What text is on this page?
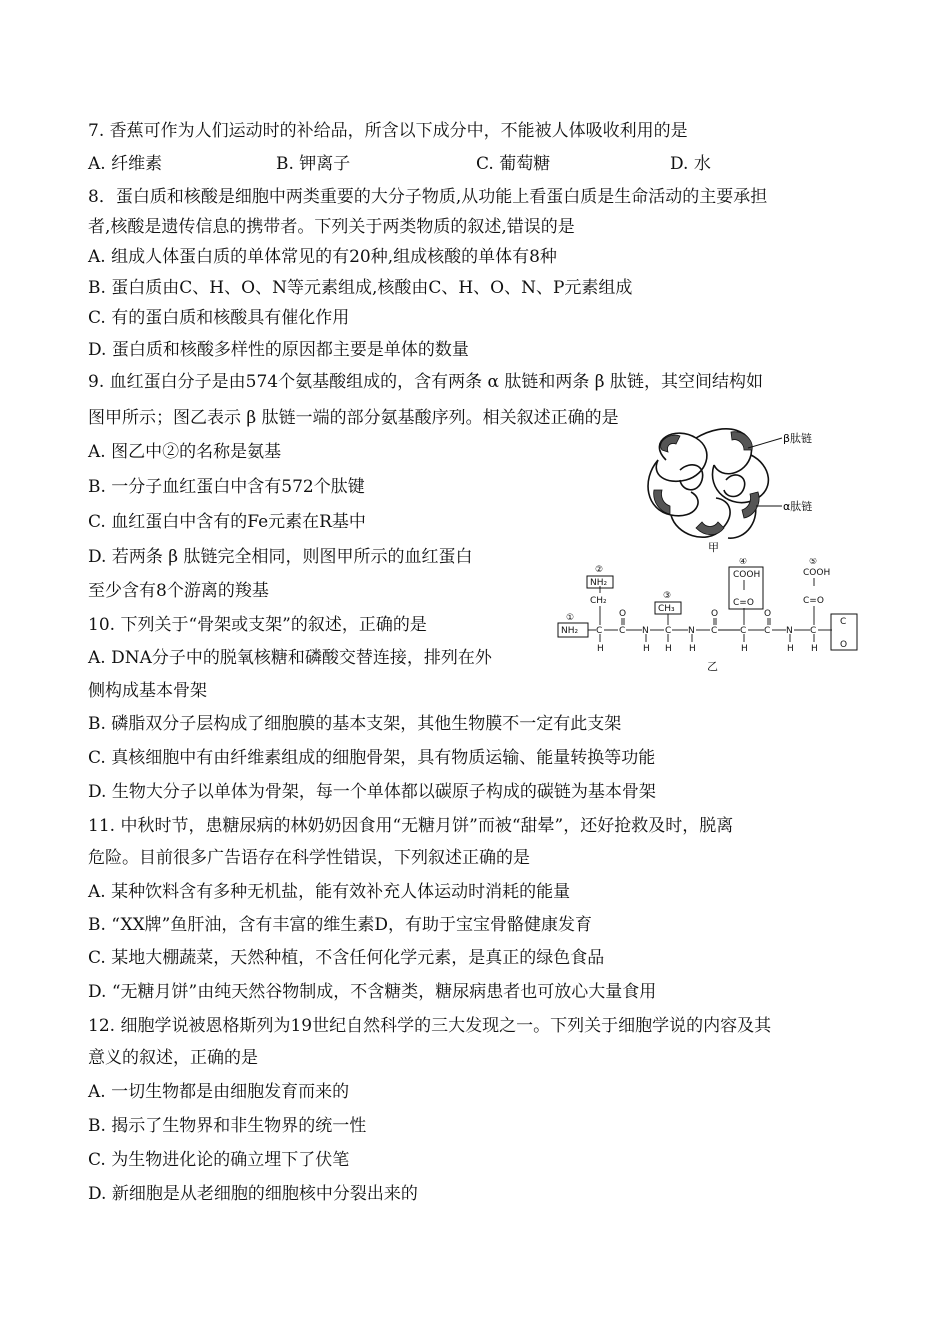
7. 香蕉可作为人们运动时的补给品，所含以下成分中，不能被人体吸收利用的是
A. 纤维素	B. 钾离子	C. 葡萄糖	D. 水
8．蛋白质和核酸是细胞中两类重要的大分子物质,从功能上看蛋白质是生命活动的主要承担
者,核酸是遗传信息的携带者。下列关于两类物质的叙述,错误的是
A. 组成人体蛋白质的单体常见的有20种,组成核酸的单体有8种
B. 蛋白质由C、H、O、N等元素组成,核酸由C、H、O、N、P元素组成
C. 有的蛋白质和核酸具有催化作用
D. 蛋白质和核酸多样性的原因都主要是单体的数量
9. 血红蛋白分子是由574个氨基酸组成的，含有两条 α 肽链和两条 β 肽链，其空间结构如
图甲所示；图乙表示 β 肽链一端的部分氨基酸序列。相关叙述正确的是
A. 图乙中②的名称是氨基
B. 一分子血红蛋白中含有572个肽键
C. 血红蛋白中含有的Fe元素在R基中
D. 若两条 β 肽链完全相同，则图甲所示的血红蛋白
至少含有8个游离的羧基
β肽链
α肽链
甲
①
②
③
④	⑤
NH₂
NH₂
CH₂
CH₃
COOH
C=O
COOH
C=O
C C
O
N C N C
O
C C
O
N C
C
O
H	H H H	H	H H
乙
10. 下列关于“骨架或支架”的叙述，正确的是
A. DNA分子中的脱氧核糖和磷酸交替连接，排列在外
侧构成基本骨架
B. 磷脂双分子层构成了细胞膜的基本支架，其他生物膜不一定有此支架
C. 真核细胞中有由纤维素组成的细胞骨架，具有物质运输、能量转换等功能
D. 生物大分子以单体为骨架，每一个单体都以碳原子构成的碳链为基本骨架
11. 中秋时节，患糖尿病的林奶奶因食用“无糖月饼”而被“甜晕”，还好抢救及时，脱离
危险。目前很多广告语存在科学性错误，下列叙述正确的是
A. 某种饮料含有多种无机盐，能有效补充人体运动时消耗的能量
B. “XX牌”鱼肝油，含有丰富的维生素D，有助于宝宝骨骼健康发育
C. 某地大棚蔬菜，天然种植，不含任何化学元素，是真正的绿色食品
D. “无糖月饼”由纯天然谷物制成，不含糖类，糖尿病患者也可放心大量食用
12. 细胞学说被恩格斯列为19世纪自然科学的三大发现之一。下列关于细胞学说的内容及其
意义的叙述，正确的是
A. 一切生物都是由细胞发育而来的
B. 揭示了生物界和非生物界的统一性
C. 为生物进化论的确立埋下了伏笔
D. 新细胞是从老细胞的细胞核中分裂出来的
